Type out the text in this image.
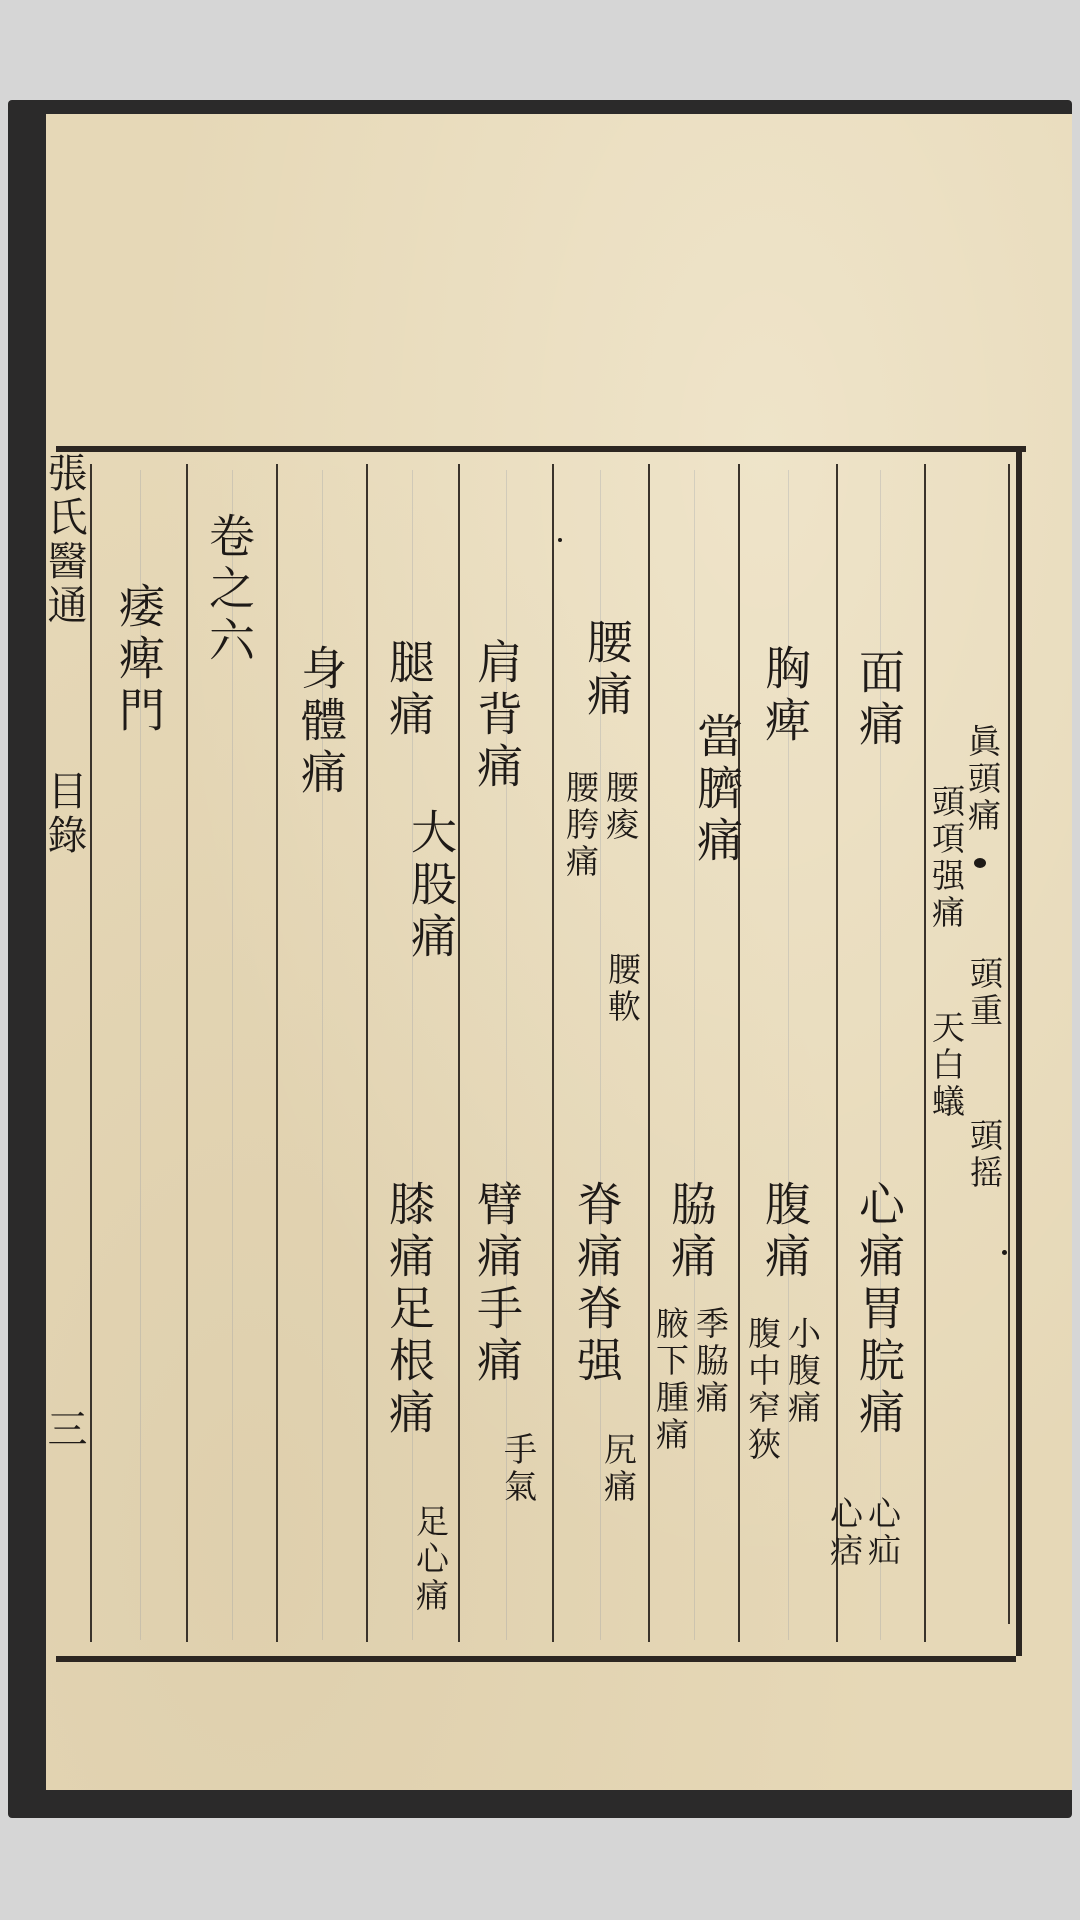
張氏醫通
目錄
三
眞頭痛
頭項强痛
頭重
天白蟻
頭摇
面痛
心痛胃脘痛
心痞 心疝
胸痺
腹痛
小腹痛
腹中窄狹
當臍痛
脇痛
季脇痛
腋下腫痛
腰痛
腰痠
腰胯痛
腰軟
脊痛脊强
尻痛
肩背痛
臂痛手痛
手氣
腿痛
大股痛
膝痛足根痛
足心痛
身體痛
卷之六
痿痺門
